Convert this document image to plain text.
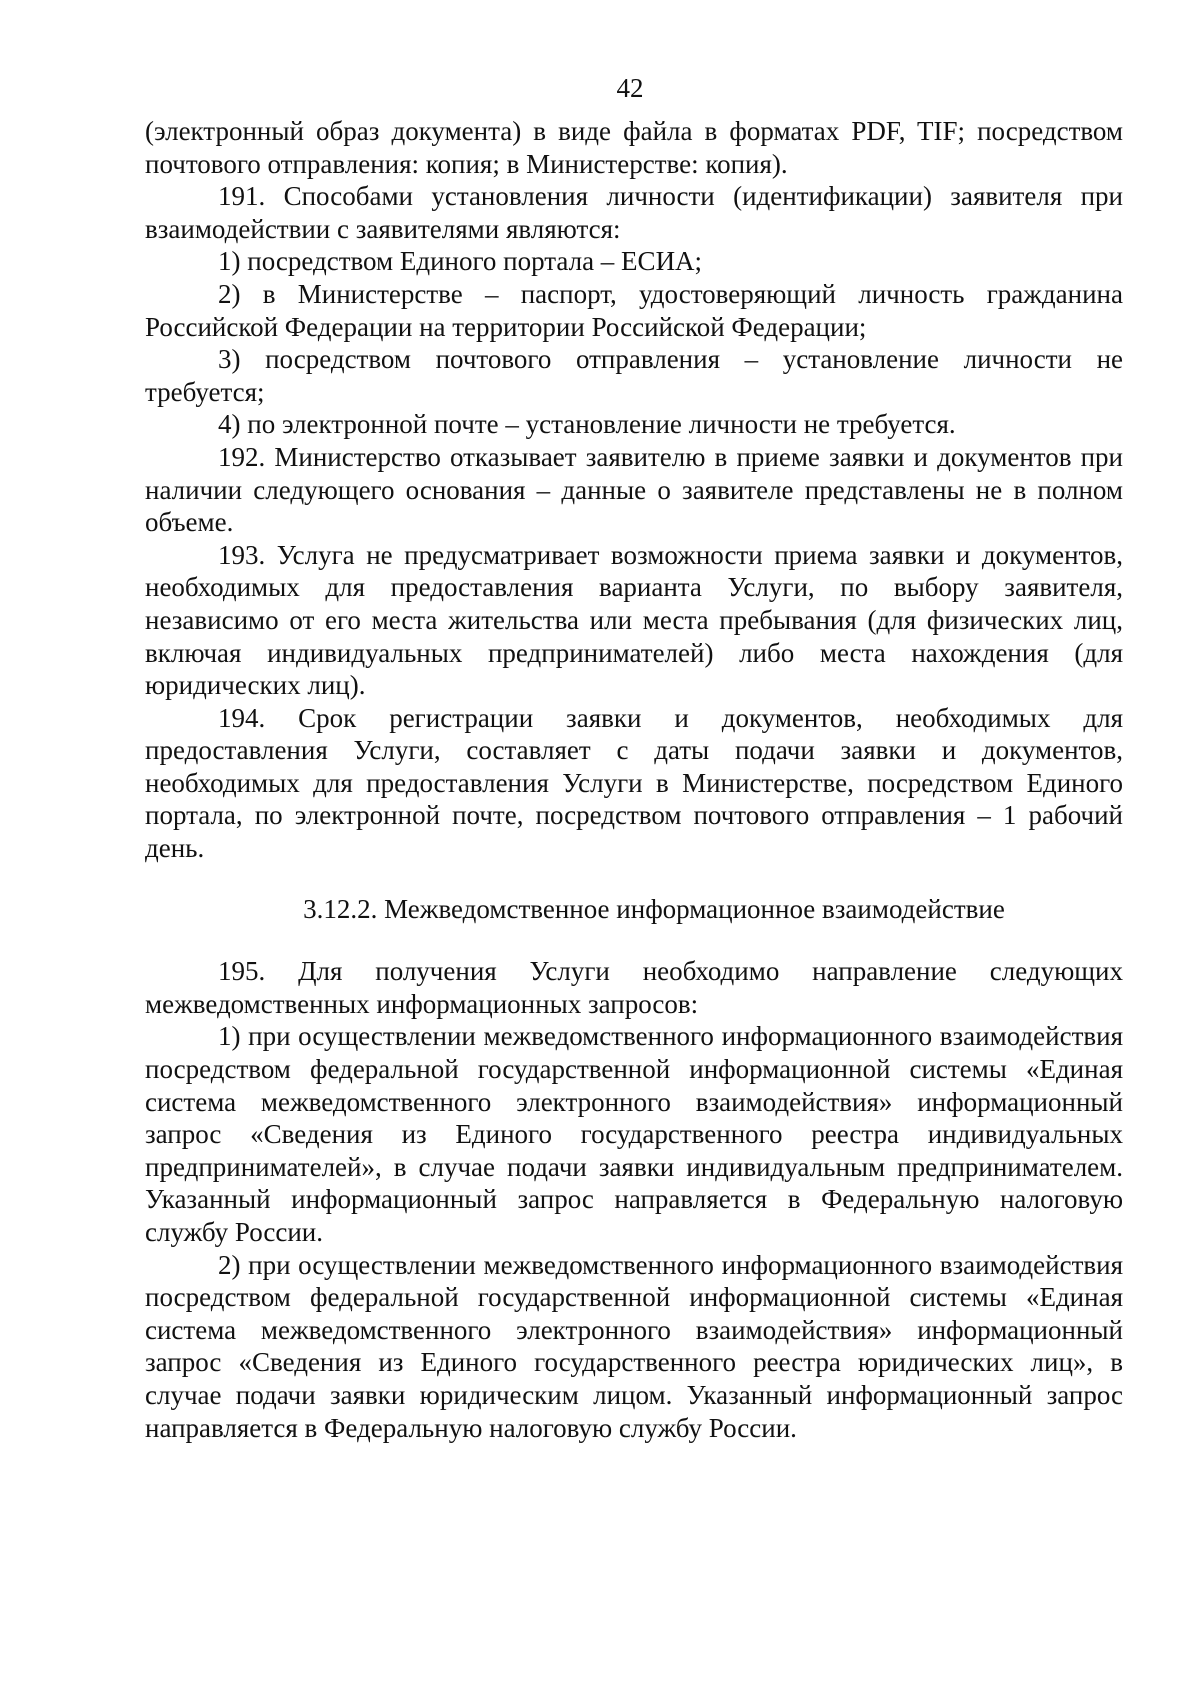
42

(электронный образ документа) в виде файла в форматах PDF, TIF; посредством почтового отправления: копия; в Министерстве: копия).

191. Способами установления личности (идентификации) заявителя при взаимодействии с заявителями являются:

1) посредством Единого портала – ЕСИА;

2) в Министерстве – паспорт, удостоверяющий личность гражданина Российской Федерации на территории Российской Федерации;

3) посредством почтового отправления – установление личности не требуется;

4) по электронной почте – установление личности не требуется.

192. Министерство отказывает заявителю в приеме заявки и документов при наличии следующего основания – данные о заявителе представлены не в полном объеме.

193. Услуга не предусматривает возможности приема заявки и документов, необходимых для предоставления варианта Услуги, по выбору заявителя, независимо от его места жительства или места пребывания (для физических лиц, включая индивидуальных предпринимателей) либо места нахождения (для юридических лиц).

194. Срок регистрации заявки и документов, необходимых для предоставления Услуги, составляет с даты подачи заявки и документов, необходимых для предоставления Услуги в Министерстве, посредством Единого портала, по электронной почте, посредством почтового отправления – 1 рабочий день.

3.12.2. Межведомственное информационное взаимодействие

195. Для получения Услуги необходимо направление следующих межведомственных информационных запросов:

1) при осуществлении межведомственного информационного взаимодействия посредством федеральной государственной информационной системы «Единая система межведомственного электронного взаимодействия» информационный запрос «Сведения из Единого государственного реестра индивидуальных предпринимателей», в случае подачи заявки индивидуальным предпринимателем. Указанный информационный запрос направляется в Федеральную налоговую службу России.

2) при осуществлении межведомственного информационного взаимодействия посредством федеральной государственной информационной системы «Единая система межведомственного электронного взаимодействия» информационный запрос «Сведения из Единого государственного реестра юридических лиц», в случае подачи заявки юридическим лицом. Указанный информационный запрос направляется в Федеральную налоговую службу России.
